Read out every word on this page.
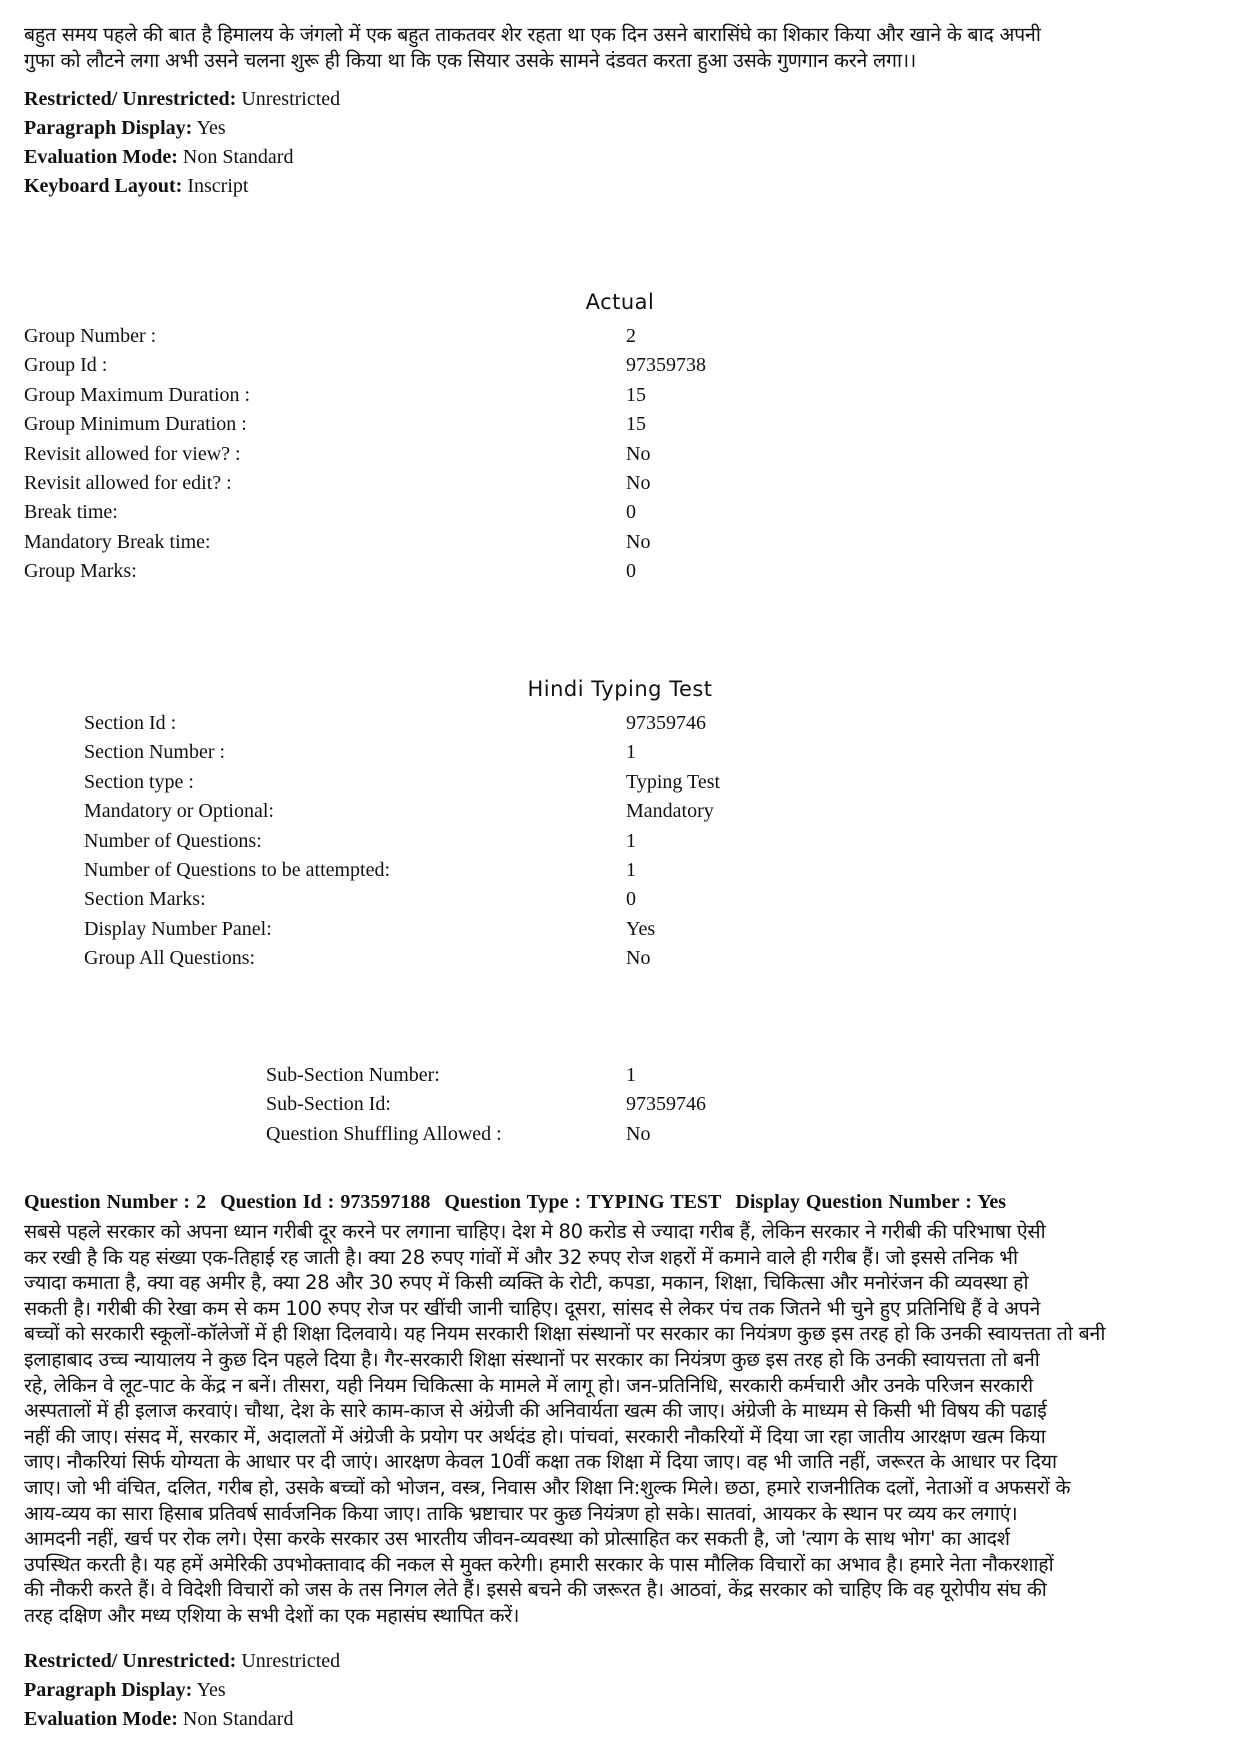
बहुत समय पहले की बात है हिमालय के जंगलो में एक बहुत ताकतवर शेर रहता था एक दिन उसने बारासिंघे का शिकार किया और खाने के बाद अपनी
गुफा को लौटने लगा अभी उसने चलना शुरू ही किया था कि एक सियार उसके सामने दंडवत करता हुआ उसके गुणगान करने लगा।।
Restricted/ Unrestricted: Unrestricted
Paragraph Display: Yes
Evaluation Mode: Non Standard
Keyboard Layout: Inscript
Actual
Group Number :	2
Group Id :	97359738
Group Maximum Duration :	15
Group Minimum Duration :	15
Revisit allowed for view? :	No
Revisit allowed for edit? :	No
Break time:	0
Mandatory Break time:	No
Group Marks:	0
Hindi Typing Test
Section Id :	97359746
Section Number :	1
Section type :	Typing Test
Mandatory or Optional:	Mandatory
Number of Questions:	1
Number of Questions to be attempted:	1
Section Marks:	0
Display Number Panel:	Yes
Group All Questions:	No
Sub-Section Number:	1
Sub-Section Id:	97359746
Question Shuffling Allowed :	No
Question Number : 2 Question Id : 973597188 Question Type : TYPING TEST Display Question Number : Yes
सबसे पहले सरकार को अपना ध्यान गरीबी दूर करने पर लगाना चाहिए। देश मे 80 करोड से ज्यादा गरीब हैं, लेकिन सरकार ने गरीबी की परिभाषा ऐसी
कर रखी है कि यह संख्या एक-तिहाई रह जाती है। क्या 28 रुपए गांवों में और 32 रुपए रोज शहरों में कमाने वाले ही गरीब हैं। जो इससे तनिक भी
ज्यादा कमाता है, क्या वह अमीर है, क्या 28 और 30 रुपए में किसी व्यक्ति के रोटी, कपडा, मकान, शिक्षा, चिकित्सा और मनोरंजन की व्यवस्था हो
सकती है। गरीबी की रेखा कम से कम 100 रुपए रोज पर खींची जानी चाहिए। दूसरा, सांसद से लेकर पंच तक जितने भी चुने हुए प्रतिनिधि हैं वे अपने
बच्चों को सरकारी स्कूलों-कॉलेजों में ही शिक्षा दिलवाये। यह नियम सरकारी शिक्षा संस्थानों पर सरकार का नियंत्रण कुछ इस तरह हो कि उनकी स्वायत्तता तो बनी
इलाहाबाद उच्च न्यायालय ने कुछ दिन पहले दिया है। गैर-सरकारी शिक्षा संस्थानों पर सरकार का नियंत्रण कुछ इस तरह हो कि उनकी स्वायत्तता तो बनी
रहे, लेकिन वे लूट-पाट के केंद्र न बनें। तीसरा, यही नियम चिकित्सा के मामले में लागू हो। जन-प्रतिनिधि, सरकारी कर्मचारी और उनके परिजन सरकारी
अस्पतालों में ही इलाज करवाएं। चौथा, देश के सारे काम-काज से अंग्रेजी की अनिवार्यता खत्म की जाए। अंग्रेजी के माध्यम से किसी भी विषय की पढाई
नहीं की जाए। संसद में, सरकार में, अदालतों में अंग्रेजी के प्रयोग पर अर्थदंड हो। पांचवां, सरकारी नौकरियों में दिया जा रहा जातीय आरक्षण खत्म किया
जाए। नौकरियां सिर्फ योग्यता के आधार पर दी जाएं। आरक्षण केवल 10वीं कक्षा तक शिक्षा में दिया जाए। वह भी जाति नहीं, जरूरत के आधार पर दिया
जाए। जो भी वंचित, दलित, गरीब हो, उसके बच्चों को भोजन, वस्त्र, निवास और शिक्षा नि:शुल्क मिले। छठा, हमारे राजनीतिक दलों, नेताओं व अफसरों के
आय-व्यय का सारा हिसाब प्रतिवर्ष सार्वजनिक किया जाए। ताकि भ्रष्टाचार पर कुछ नियंत्रण हो सके। सातवां, आयकर के स्थान पर व्यय कर लगाएं।
आमदनी नहीं, खर्च पर रोक लगे। ऐसा करके सरकार उस भारतीय जीवन-व्यवस्था को प्रोत्साहित कर सकती है, जो 'त्याग के साथ भोग' का आदर्श
उपस्थित करती है। यह हमें अमेरिकी उपभोक्तावाद की नकल से मुक्त करेगी। हमारी सरकार के पास मौलिक विचारों का अभाव है। हमारे नेता नौकरशाहों
की नौकरी करते हैं। वे विदेशी विचारों को जस के तस निगल लेते हैं। इससे बचने की जरूरत है। आठवां, केंद्र सरकार को चाहिए कि वह यूरोपीय संघ की
तरह दक्षिण और मध्य एशिया के सभी देशों का एक महासंघ स्थापित करें।
Restricted/ Unrestricted: Unrestricted
Paragraph Display: Yes
Evaluation Mode: Non Standard
